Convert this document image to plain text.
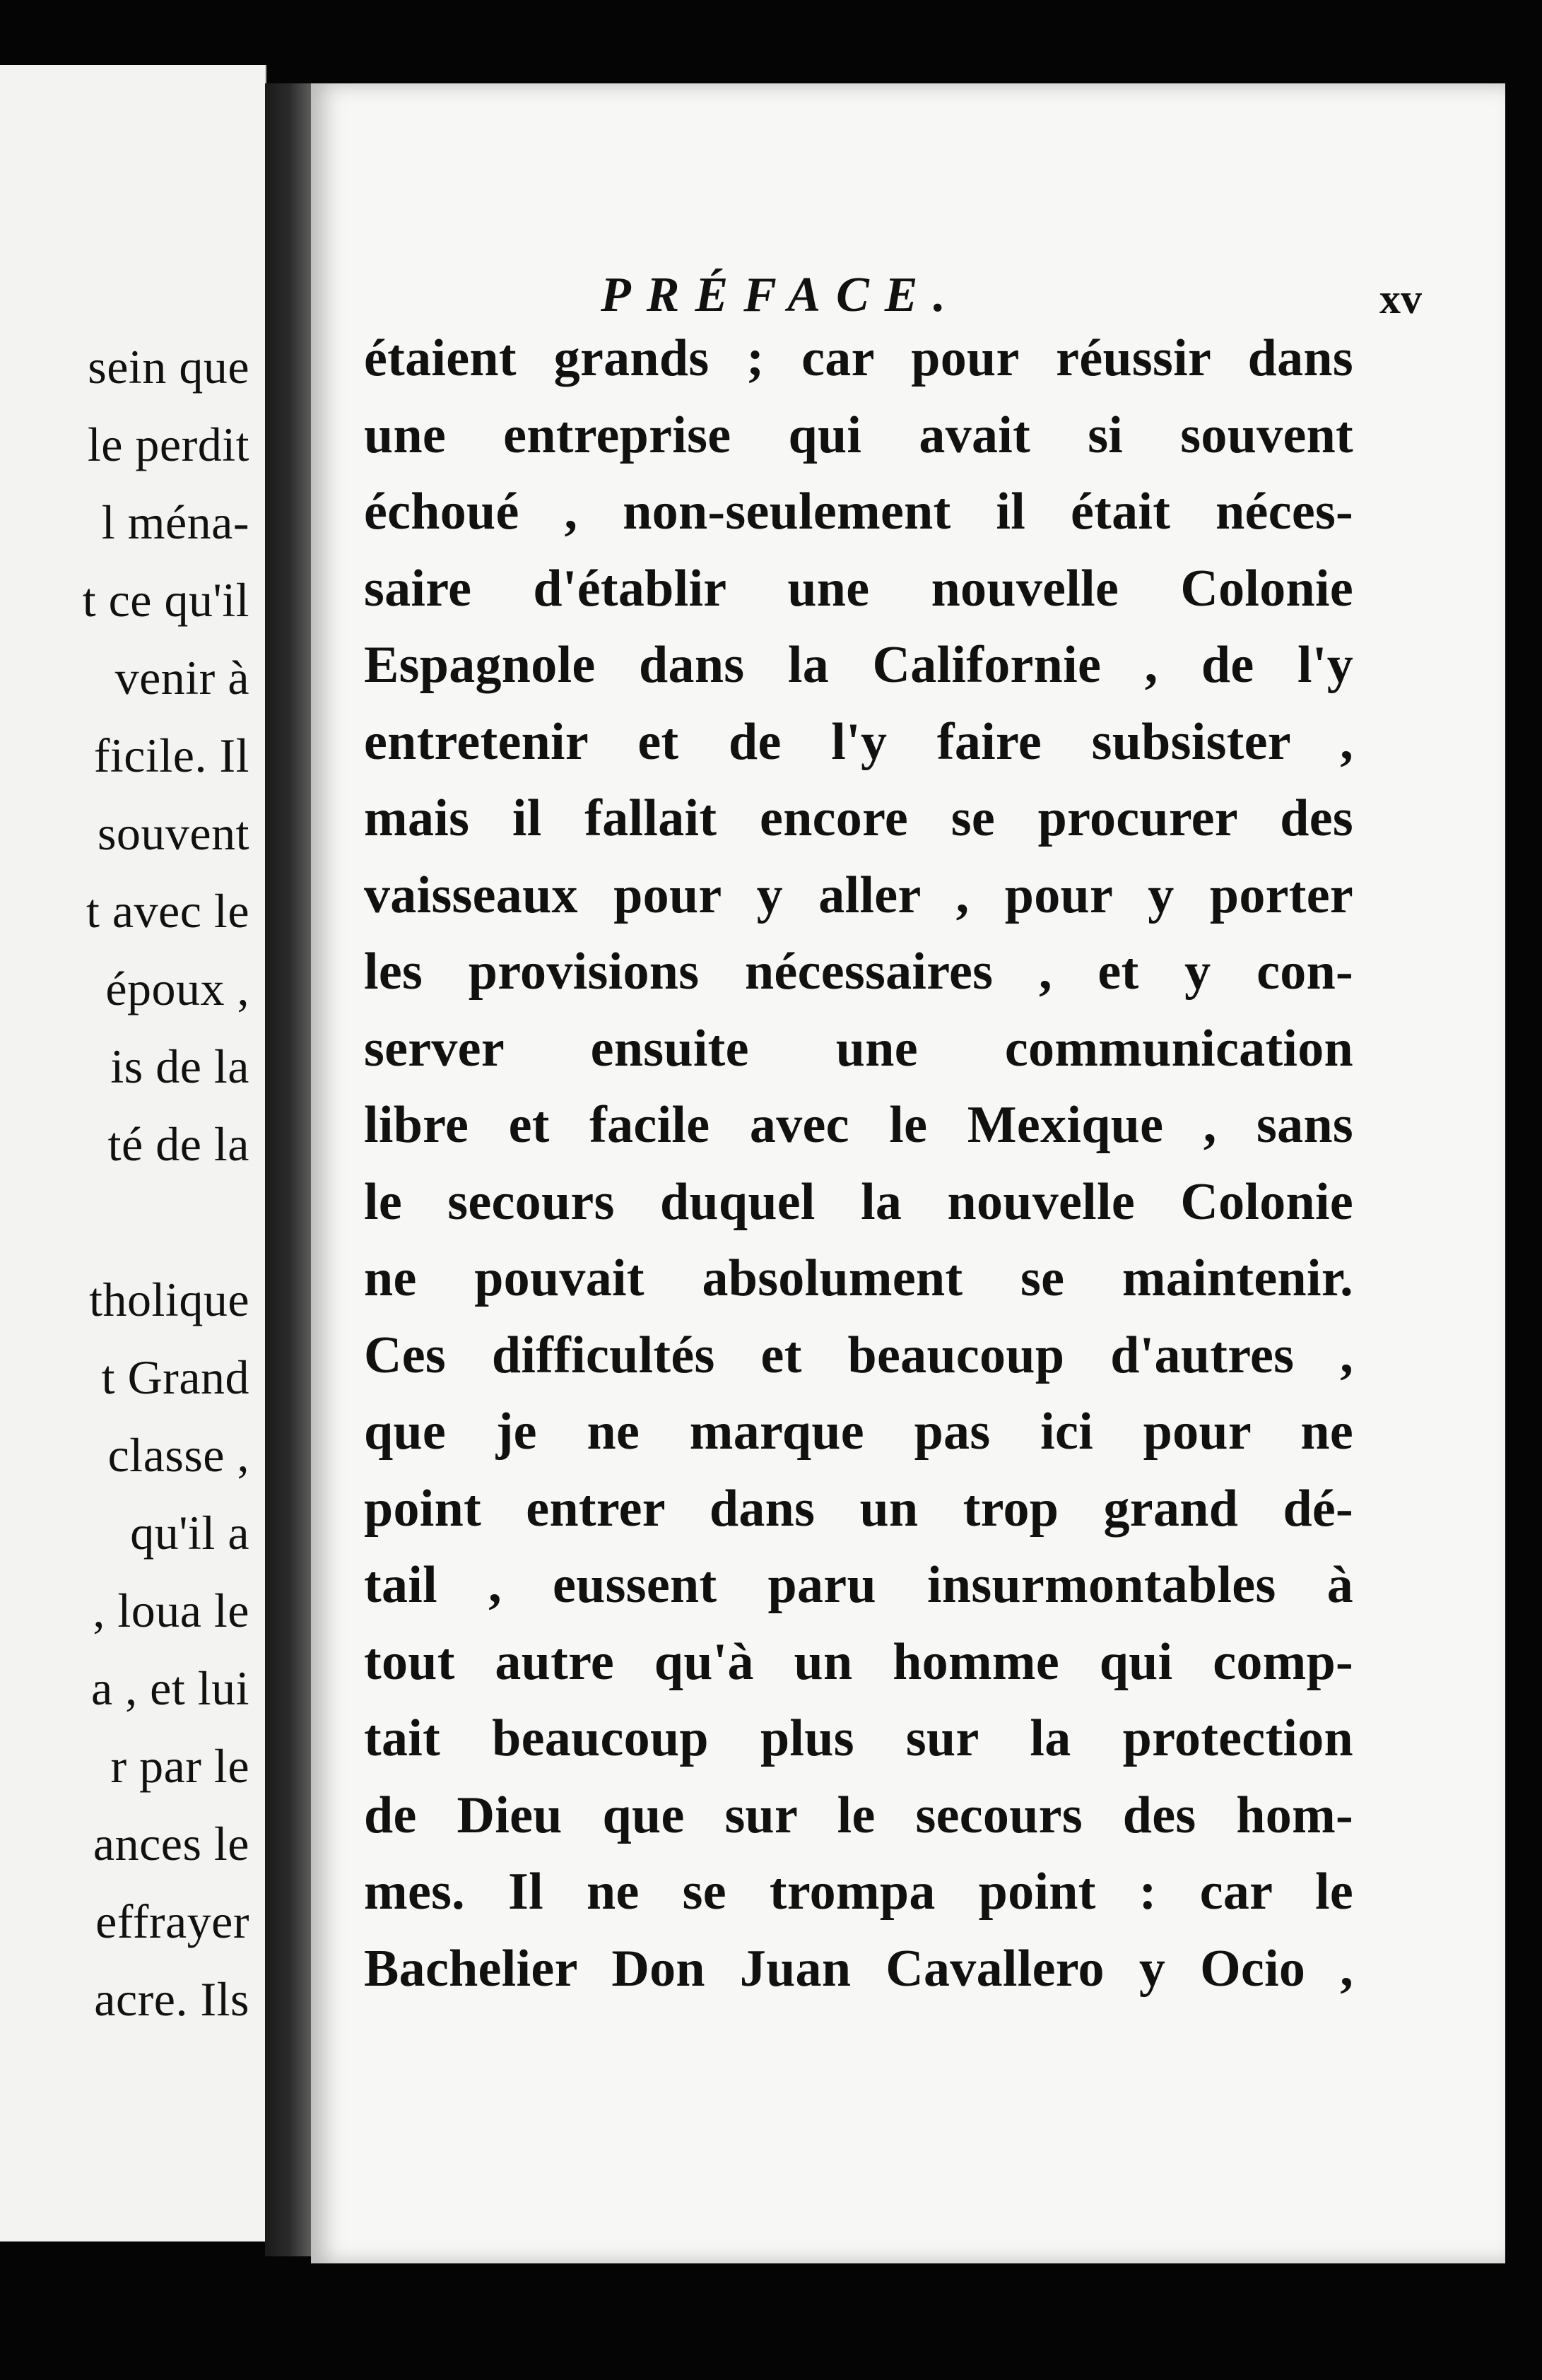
sein que
le perdit
l ména-
t ce qu'il
venir à
ficile. Il
souvent
t avec le
époux ,
is de la
té de la
tholique
t Grand
classe ,
qu'il a
, loua le
a , et lui
r par le
ances le
effrayer
acre. Ils
PRÉFACE.	xv
étaient grands ; car pour réussir dans
une entreprise qui avait si souvent
échoué , non-seulement il était néces-
saire d'établir une nouvelle Colonie
Espagnole dans la Californie , de l'y
entretenir et de l'y faire subsister ,
mais il fallait encore se procurer des
vaisseaux pour y aller , pour y porter
les provisions nécessaires , et y con-
server ensuite une communication
libre et facile avec le Mexique , sans
le secours duquel la nouvelle Colonie
ne pouvait absolument se maintenir.
Ces difficultés et beaucoup d'autres ,
que je ne marque pas ici pour ne
point entrer dans un trop grand dé-
tail , eussent paru insurmontables à
tout autre qu'à un homme qui comp-
tait beaucoup plus sur la protection
de Dieu que sur le secours des hom-
mes. Il ne se trompa point : car le
Bachelier Don Juan Cavallero y Ocio ,
